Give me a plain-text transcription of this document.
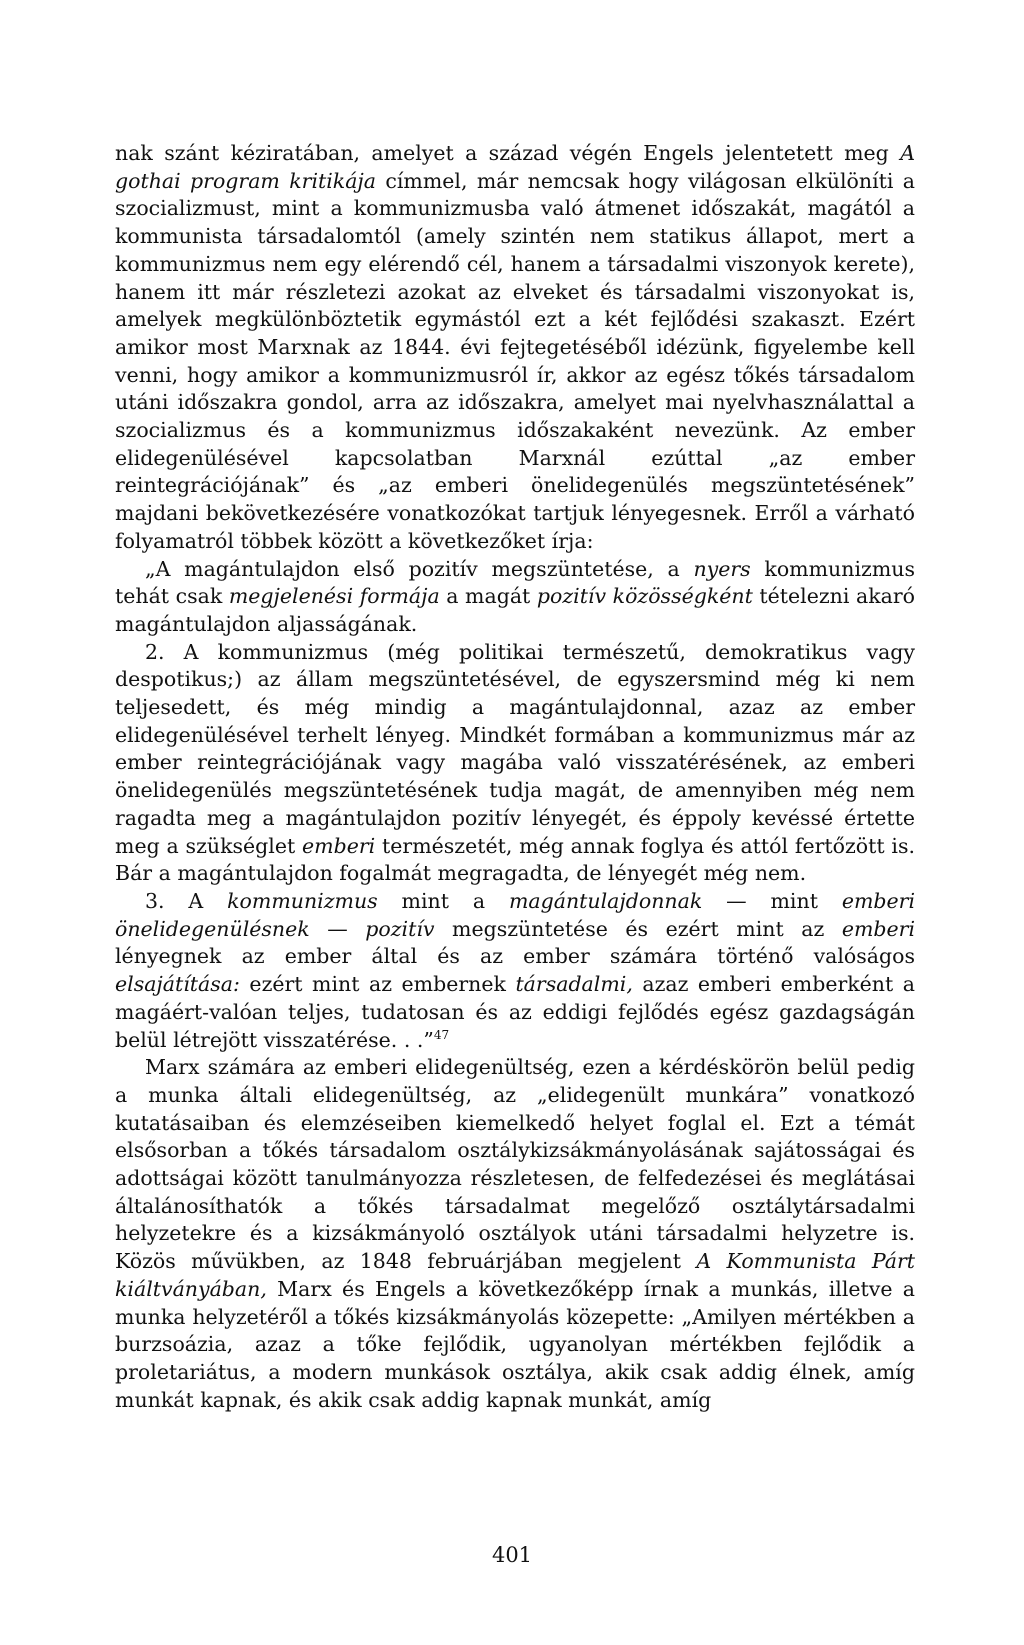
nak szánt kéziratában, amelyet a század végén Engels jelentetett meg A gothai program kritikája címmel, már nemcsak hogy világosan elkülöníti a szocializmust, mint a kommunizmusba való átmenet időszakát, magától a kommunista társadalomtól (amely szintén nem statikus állapot, mert a kommunizmus nem egy elérendő cél, hanem a társadalmi viszonyok kerete), hanem itt már részletezi azokat az elveket és társadalmi viszonyokat is, amelyek megkülönböztetik egymástól ezt a két fejlődési szakaszt. Ezért amikor most Marxnak az 1844. évi fejtegetéséből idézünk, figyelembe kell venni, hogy amikor a kommunizmusról ír, akkor az egész tőkés társadalom utáni időszakra gondol, arra az időszakra, amelyet mai nyelvhasználattal a szocializmus és a kommunizmus időszakaként nevezünk. Az ember elidegenülésével kapcsolatban Marxnál ezúttal „az ember reintegrációjának” és „az emberi önelidegenülés megszüntetésének” majdani bekövetkezésére vonatkozókat tartjuk lényegesnek. Erről a várható folyamatról többek között a következőket írja:

„A magántulajdon első pozitív megszüntetése, a nyers kommunizmus tehát csak megjelenési formája a magát pozitív közösségként tételezni akaró magántulajdon aljasságának.

2. A kommunizmus (még politikai természetű, demokratikus vagy despotikus;) az állam megszüntetésével, de egyszersmind még ki nem teljesedett, és még mindig a magántulajdonnal, azaz az ember elidegenülésével terhelt lényeg. Mindkét formában a kommunizmus már az ember reintegrációjának vagy magába való visszatérésének, az emberi önelidegenülés megszüntetésének tudja magát, de amennyiben még nem ragadta meg a magántulajdon pozitív lényegét, és éppoly kevéssé értette meg a szükséglet emberi természetét, még annak foglya és attól fertőzött is. Bár a magántulajdon fogalmát megragadta, de lényegét még nem.

3. A kommunizmus mint a magántulajdonnak — mint emberi önelidegenülésnek — pozitív megszüntetése és ezért mint az emberi lényegnek az ember által és az ember számára történő valóságos elsajátítása: ezért mint az embernek társadalmi, azaz emberi emberként a magáért-valóan teljes, tudatosan és az eddigi fejlődés egész gazdagságán belül létrejött visszatérése. . .”$^{47}$

Marx számára az emberi elidegenültség, ezen a kérdéskörön belül pedig a munka általi elidegenültség, az „elidegenült munkára” vonatkozó kutatásaiban és elemzéseiben kiemelkedő helyet foglal el. Ezt a témát elsősorban a tőkés társadalom osztálykizsákmányolásának sajátosságai és adottságai között tanulmányozza részletesen, de felfedezései és meglátásai általánosíthatók a tőkés társadalmat megelőző osztálytársadalmi helyzetekre és a kizsákmányoló osztályok utáni társadalmi helyzetre is. Közös művükben, az 1848 februárjában megjelent A Kommunista Párt kiáltványában, Marx és Engels a következőképp írnak a munkás, illetve a munka helyzetéről a tőkés kizsákmányolás közepette: „Amilyen mértékben a burzsoázia, azaz a tőke fejlődik, ugyanolyan mértékben fejlődik a proletariátus, a modern munkások osztálya, akik csak addig élnek, amíg munkát kapnak, és akik csak addig kapnak munkát, amíg

401
